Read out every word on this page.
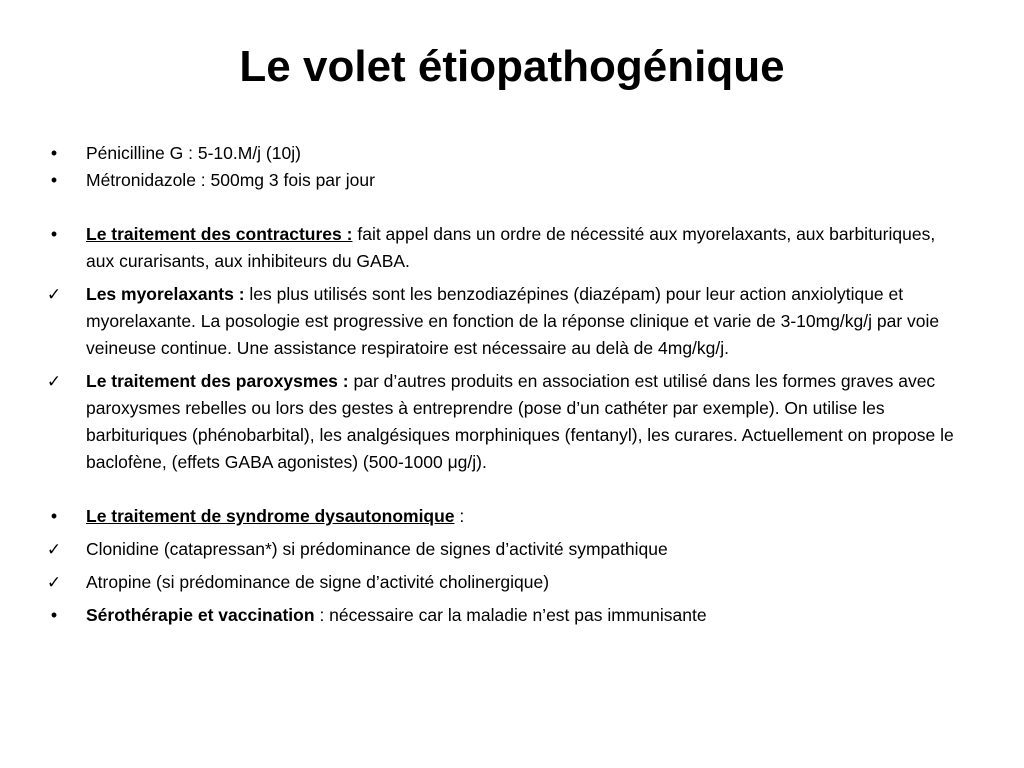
Le volet étiopathogénique
•	Pénicilline G : 5-10.M/j (10j)
•	Métronidazole : 500mg 3 fois par jour
•	Le traitement des contractures : fait appel dans un ordre de nécessité aux myorelaxants, aux barbituriques, aux curarisants, aux inhibiteurs du GABA.
✓ Les myorelaxants : les plus utilisés sont les benzodiazépines (diazépam) pour leur action anxiolytique et myorelaxante. La posologie est progressive en fonction de la réponse clinique et varie de 3-10mg/kg/j par voie veineuse continue. Une assistance respiratoire est nécessaire au delà de 4mg/kg/j.
✓ Le traitement des paroxysmes : par d’autres produits en association est utilisé dans les formes graves avec paroxysmes rebelles ou lors des gestes à entreprendre (pose d’un cathéter par exemple). On utilise les barbituriques (phénobarbital), les analgésiques morphiniques (fentanyl), les curares. Actuellement on propose le baclofène, (effets GABA agonistes) (500-1000 μg/j).
•	Le traitement de syndrome dysautonomique :
✓ Clonidine (catapressan*) si prédominance de signes d’activité sympathique
✓ Atropine (si prédominance de signe d’activité cholinergique)
•	Sérothérapie et vaccination : nécessaire car la maladie n’est pas immunisante
